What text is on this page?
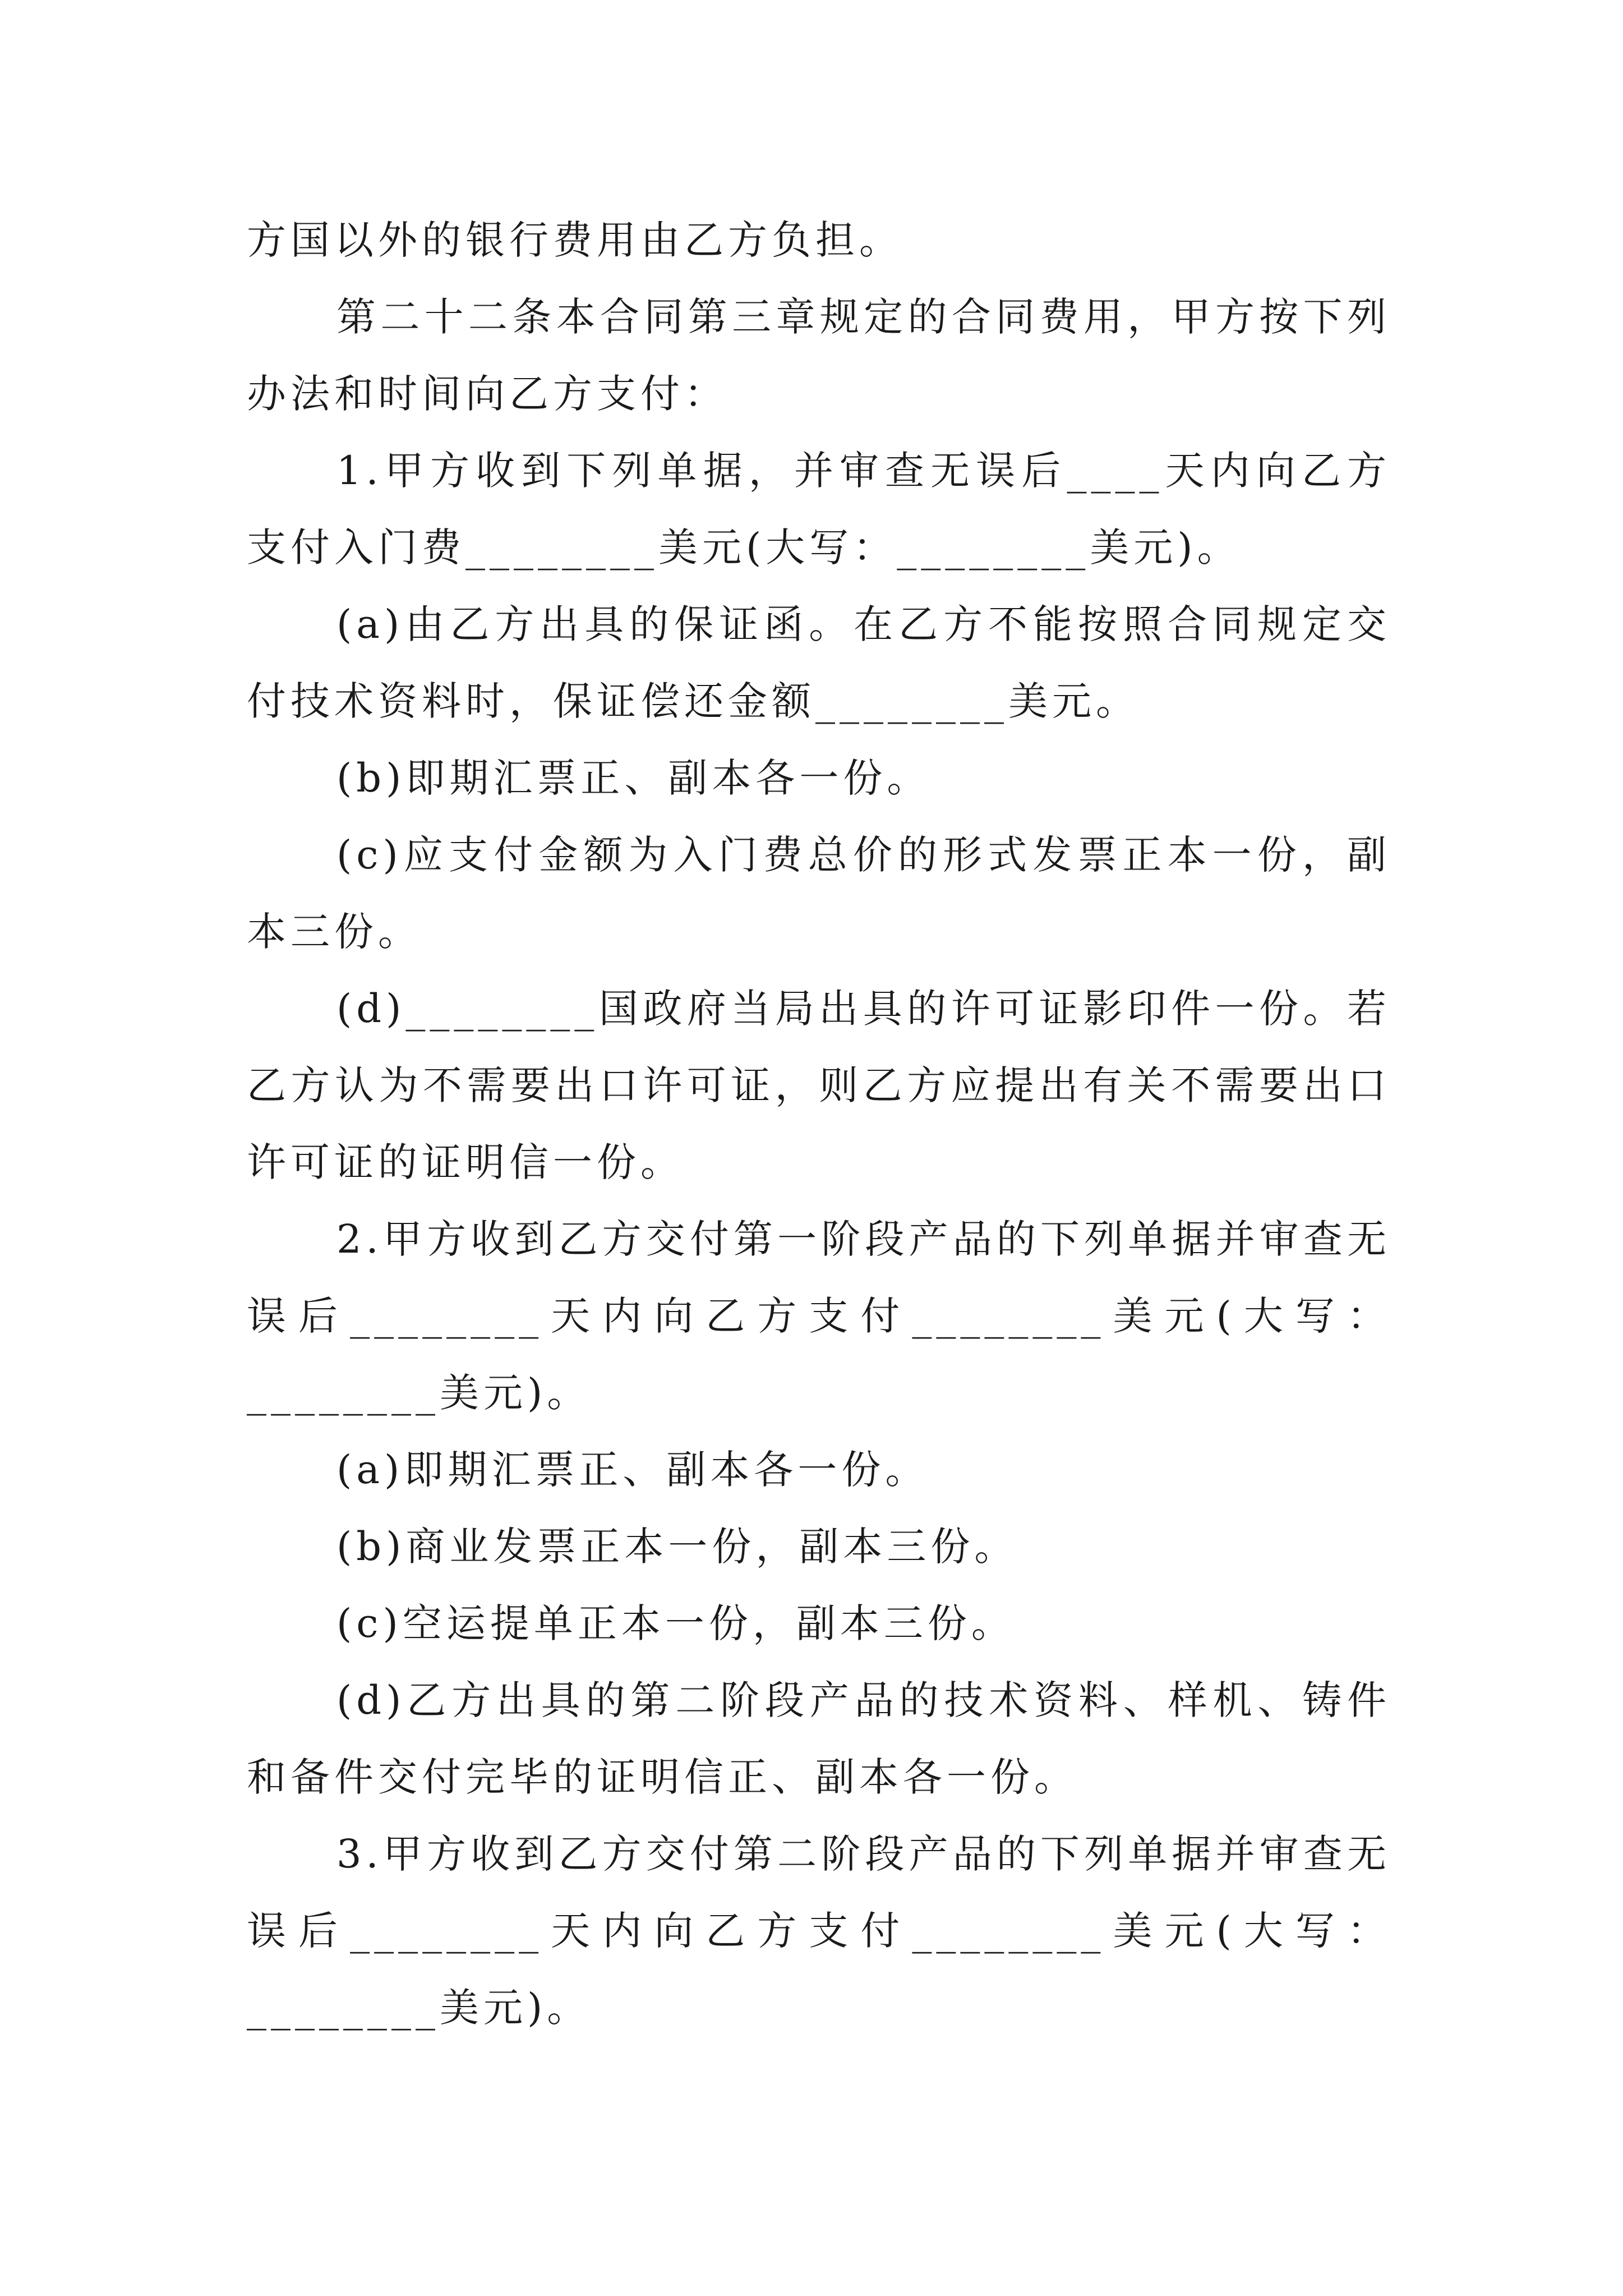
方国以外的银行费用由乙方负担。

第二十二条本合同第三章规定的合同费用，甲方按下列办法和时间向乙方支付：

1.甲方收到下列单据，并审查无误后____天内向乙方支付入门费________美元(大写：________美元)。

(a)由乙方出具的保证函。在乙方不能按照合同规定交付技术资料时，保证偿还金额________美元。

(b)即期汇票正、副本各一份。

(c)应支付金额为入门费总价的形式发票正本一份，副本三份。

(d)________国政府当局出具的许可证影印件一份。若乙方认为不需要出口许可证，则乙方应提出有关不需要出口许可证的证明信一份。

2.甲方收到乙方交付第一阶段产品的下列单据并审查无误后________天内向乙方支付________美元(大写：________美元)。

(a)即期汇票正、副本各一份。

(b)商业发票正本一份，副本三份。

(c)空运提单正本一份，副本三份。

(d)乙方出具的第二阶段产品的技术资料、样机、铸件和备件交付完毕的证明信正、副本各一份。

3.甲方收到乙方交付第二阶段产品的下列单据并审查无误后________天内向乙方支付________美元(大写：________美元)。
